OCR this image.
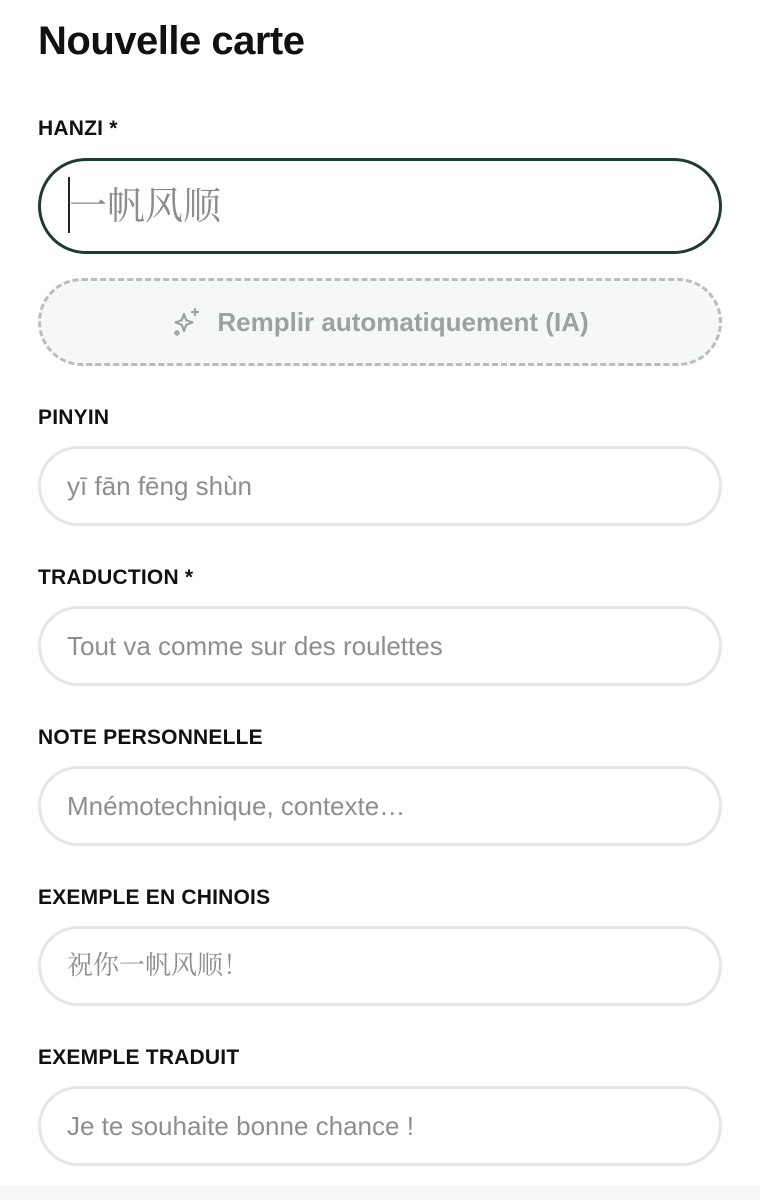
Nouvelle carte
HANZI *
一帆风顺
Remplir automatiquement (IA)
PINYIN
yī fān fēng shùn
TRADUCTION *
Tout va comme sur des roulettes
NOTE PERSONNELLE
Mnémotechnique, contexte…
EXEMPLE EN CHINOIS
祝你一帆风顺！
EXEMPLE TRADUIT
Je te souhaite bonne chance !
